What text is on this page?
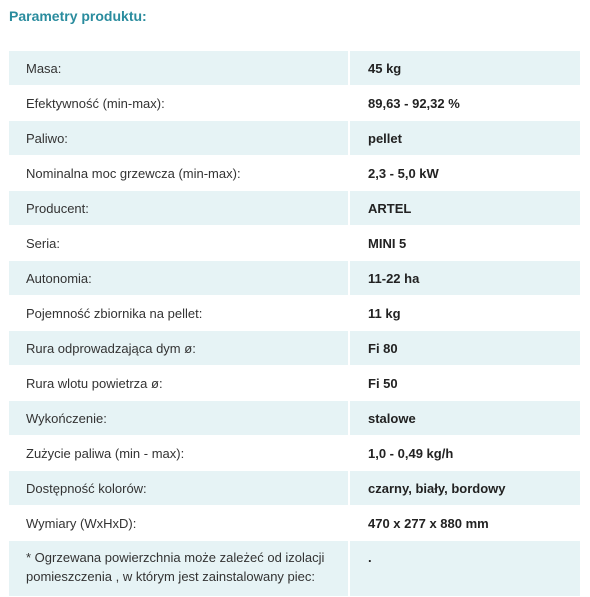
Parametry produktu:
Masa:	45 kg
Efektywność (min-max):	89,63 - 92,32 %
Paliwo:	pellet
Nominalna moc grzewcza (min-max):	2,3 - 5,0 kW
Producent:	ARTEL
Seria:	MINI 5
Autonomia:	11-22 ha
Pojemność zbiornika na pellet:	11 kg
Rura odprowadzająca dym ø:	Fi 80
Rura wlotu powietrza ø:	Fi 50
Wykończenie:	stalowe
Zużycie paliwa (min - max):	1,0 - 0,49 kg/h
Dostępność kolorów:	czarny, biały, bordowy
Wymiary (WxHxD):	470 x 277 x 880 mm
* Ogrzewana powierzchnia może zależeć od izolacji pomieszczenia , w którym jest zainstalowany piec:	.
